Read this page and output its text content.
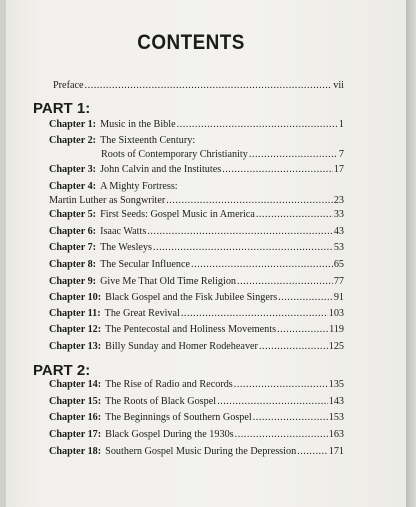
CONTENTS
Preface .....	vii
PART 1:
Chapter 1: Music in the Bible .....	1
Chapter 2: The Sixteenth Century:
Roots of Contemporary Christianity .....	7
Chapter 3: John Calvin and the Institutes .....	17
Chapter 4: A Mighty Fortress:
Martin Luther as Songwriter .....	23
Chapter 5: First Seeds: Gospel Music in America .....	33
Chapter 6: Isaac Watts .....	43
Chapter 7: The Wesleys .....	53
Chapter 8: The Secular Influence .....	65
Chapter 9: Give Me That Old Time Religion .....	77
Chapter 10: Black Gospel and the Fisk Jubilee Singers .....	91
Chapter 11: The Great Revival .....	103
Chapter 12: The Pentecostal and Holiness Movements .....	119
Chapter 13: Billy Sunday and Homer Rodeheaver .....	125
PART 2:
Chapter 14: The Rise of Radio and Records .....	135
Chapter 15: The Roots of Black Gospel .....	143
Chapter 16: The Beginnings of Southern Gospel .....	153
Chapter 17: Black Gospel During the 1930s .....	163
Chapter 18: Southern Gospel Music During the Depression .....	171
